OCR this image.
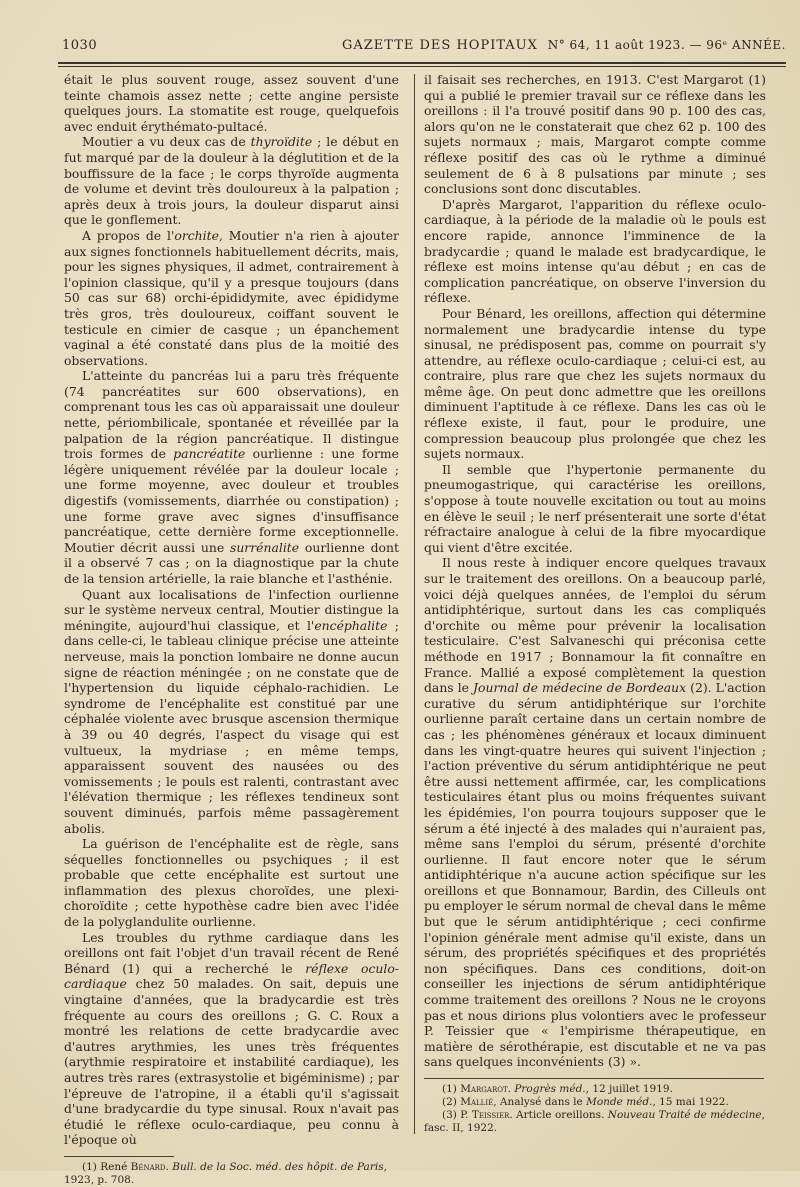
1030	GAZETTE DES HOPITAUX N° 64, 11 août 1923. — 96ᵉ ANNÉE.

était le plus souvent rouge, assez souvent d'une teinte chamois assez nette ; cette angine persiste quelques jours. La stomatite est rouge, quelquefois avec enduit érythémato-pultacé.

Moutier a vu deux cas de thyroïdite ; le début en fut marqué par de la douleur à la déglutition et de la bouffissure de la face ; le corps thyroïde augmenta de volume et devint très douloureux à la palpation ; après deux à trois jours, la douleur disparut ainsi que le gonflement.

A propos de l'orchite, Moutier n'a rien à ajouter aux signes fonctionnels habituellement décrits, mais, pour les signes physiques, il admet, contrairement à l'opinion classique, qu'il y a presque toujours (dans 50 cas sur 68) orchi-épididymite, avec épididyme très gros, très douloureux, coiffant souvent le testicule en cimier de casque ; un épanchement vaginal a été constaté dans plus de la moitié des observations.

L'atteinte du pancréas lui a paru très fréquente (74 pancréatites sur 600 observations), en comprenant tous les cas où apparaissait une douleur nette, périombilicale, spontanée et réveillée par la palpation de la région pancréatique. Il distingue trois formes de pancréatite ourlienne : une forme légère uniquement révélée par la douleur locale ; une forme moyenne, avec douleur et troubles digestifs (vomissements, diarrhée ou constipation) ; une forme grave avec signes d'insuffisance pancréatique, cette dernière forme exceptionnelle. Moutier décrit aussi une surrénalite ourlienne dont il a observé 7 cas ; on la diagnostique par la chute de la tension artérielle, la raie blanche et l'asthénie.

Quant aux localisations de l'infection ourlienne sur le système nerveux central, Moutier distingue la méningite, aujourd'hui classique, et l'encéphalite ; dans celle-ci, le tableau clinique précise une atteinte nerveuse, mais la ponction lombaire ne donne aucun signe de réaction méningée ; on ne constate que de l'hypertension du liquide céphalo-rachidien. Le syndrome de l'encéphalite est constitué par une céphalée violente avec brusque ascension thermique à 39 ou 40 degrés, l'aspect du visage qui est vultueux, la mydriase ; en même temps, apparaissent souvent des nausées ou des vomissements ; le pouls est ralenti, contrastant avec l'élévation thermique ; les réflexes tendineux sont souvent diminués, parfois même passagèrement abolis.

La guérison de l'encéphalite est de règle, sans séquelles fonctionnelles ou psychiques ; il est probable que cette encéphalite est surtout une inflammation des plexus choroïdes, une plexi-choroïdite ; cette hypothèse cadre bien avec l'idée de la polyglandulite ourlienne.

Les troubles du rythme cardiaque dans les oreillons ont fait l'objet d'un travail récent de René Bénard (1) qui a recherché le réflexe oculo-cardiaque chez 50 malades. On sait, depuis une vingtaine d'années, que la bradycardie est très fréquente au cours des oreillons ; G. C. Roux a montré les relations de cette bradycardie avec d'autres arythmies, les unes très fréquentes (arythmie respiratoire et instabilité cardiaque), les autres très rares (extrasystolie et bigéminisme) ; par l'épreuve de l'atropine, il a établi qu'il s'agissait d'une bradycardie du type sinusal. Roux n'avait pas étudié le réflexe oculo-cardiaque, peu connu à l'époque où

(1) René Bénard. Bull. de la Soc. méd. des hôpit. de Paris, 1923, p. 708.

il faisait ses recherches, en 1913. C'est Margarot (1) qui a publié le premier travail sur ce réflexe dans les oreillons : il l'a trouvé positif dans 90 p. 100 des cas, alors qu'on ne le constaterait que chez 62 p. 100 des sujets normaux ; mais, Margarot compte comme réflexe positif des cas où le rythme a diminué seulement de 6 à 8 pulsations par minute ; ses conclusions sont donc discutables.

D'après Margarot, l'apparition du réflexe oculo-cardiaque, à la période de la maladie où le pouls est encore rapide, annonce l'imminence de la bradycardie ; quand le malade est bradycardique, le réflexe est moins intense qu'au début ; en cas de complication pancréatique, on observe l'inversion du réflexe.

Pour Bénard, les oreillons, affection qui détermine normalement une bradycardie intense du type sinusal, ne prédisposent pas, comme on pourrait s'y attendre, au réflexe oculo-cardiaque ; celui-ci est, au contraire, plus rare que chez les sujets normaux du même âge. On peut donc admettre que les oreillons diminuent l'aptitude à ce réflexe. Dans les cas où le réflexe existe, il faut, pour le produire, une compression beaucoup plus prolongée que chez les sujets normaux.

Il semble que l'hypertonie permanente du pneumogastrique, qui caractérise les oreillons, s'oppose à toute nouvelle excitation ou tout au moins en élève le seuil ; le nerf présenterait une sorte d'état réfractaire analogue à celui de la fibre myocardique qui vient d'être excitée.

Il nous reste à indiquer encore quelques travaux sur le traitement des oreillons. On a beaucoup parlé, voici déjà quelques années, de l'emploi du sérum antidiphtérique, surtout dans les cas compliqués d'orchite ou même pour prévenir la localisation testiculaire. C'est Salvaneschi qui préconisa cette méthode en 1917 ; Bonnamour la fit connaître en France. Mallié a exposé complètement la question dans le Journal de médecine de Bordeaux (2). L'action curative du sérum antidiphtérique sur l'orchite ourlienne paraît certaine dans un certain nombre de cas ; les phénomènes généraux et locaux diminuent dans les vingt-quatre heures qui suivent l'injection ; l'action préventive du sérum antidiphtérique ne peut être aussi nettement affirmée, car, les complications testiculaires étant plus ou moins fréquentes suivant les épidémies, l'on pourra toujours supposer que le sérum a été injecté à des malades qui n'auraient pas, même sans l'emploi du sérum, présenté d'orchite ourlienne. Il faut encore noter que le sérum antidiphtérique n'a aucune action spécifique sur les oreillons et que Bonnamour, Bardin, des Cilleuls ont pu employer le sérum normal de cheval dans le même but que le sérum antidiphtérique ; ceci confirme l'opinion générale ment admise qu'il existe, dans un sérum, des propriétés spécifiques et des propriétés non spécifiques. Dans ces conditions, doit-on conseiller les injections de sérum antidiphtérique comme traitement des oreillons ? Nous ne le croyons pas et nous dirions plus volontiers avec le professeur P. Teissier que « l'empirisme thérapeutique, en matière de sérothérapie, est discutable et ne va pas sans quelques inconvénients (3) ».

(1) Margarot. Progrès méd., 12 juillet 1919.

(2) Mallié, Analysé dans le Monde méd., 15 mai 1922.

(3) P. Teissier. Article oreillons. Nouveau Traité de médecine, fasc. II, 1922.
